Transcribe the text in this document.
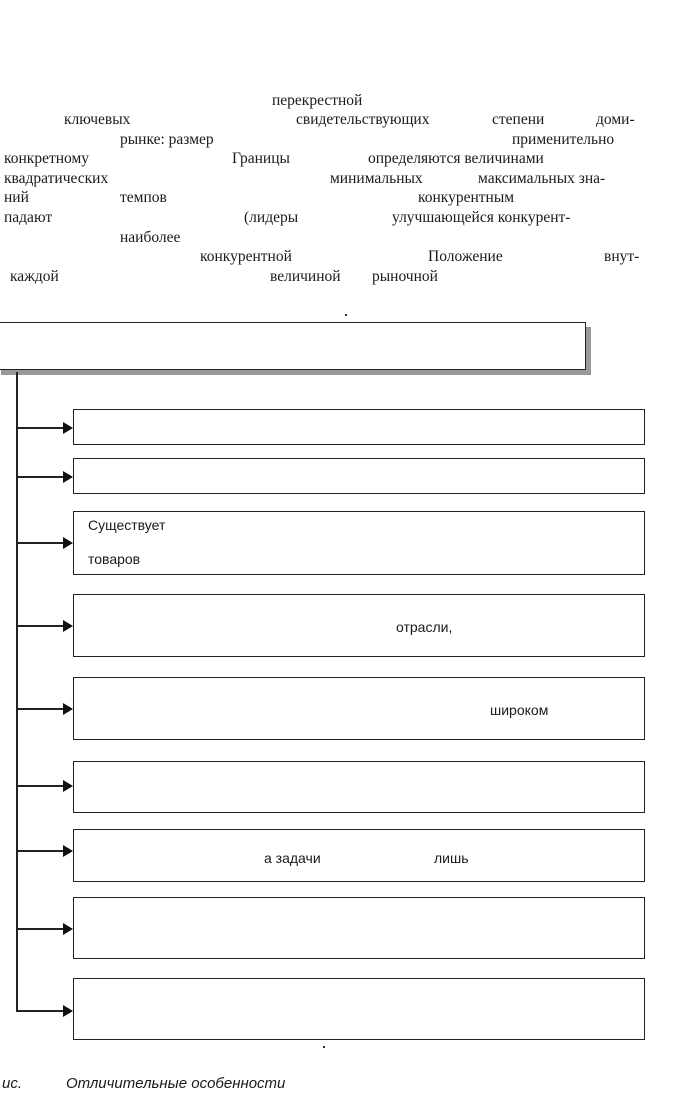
перекрестной
ключевых	свидетельствующих	степени	доми-
рынке: размер	применительно
конкретному	Границы	определяются величинами
квадратических	минимальных	максимальных зна-
ний	темпов	конкурентным
падают	(лидеры	улучшающейся конкурент-
наиболее
конкурентной	Положение	внут-
каждой	величиной рыночной
Существует
товаров
отрасли,
широком
а задачи	лишь
ис.	Отличительные особенности
